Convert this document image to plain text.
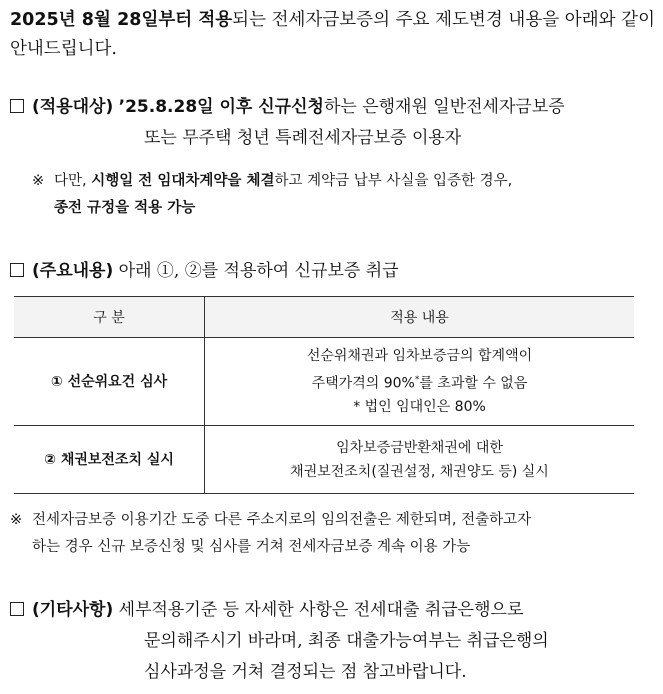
2025년 8월 28일부터 적용되는 전세자금보증의 주요 제도변경 내용을 아래와 같이 안내드립니다.
(적용대상) ’25.8.28일 이후 신규신청하는 은행재원 일반전세자금보증
또는 무주택 청년 특례전세자금보증 이용자
※ 다만, 시행일 전 임대차계약을 체결하고 계약금 납부 사실을 입증한 경우,
종전 규정을 적용 가능
(주요내용) 아래 ①, ②를 적용하여 신규보증 취급
구 분	적용 내용
① 선순위요건 심사	선순위채권과 임차보증금의 합계액이
주택가격의 90%*를 초과할 수 없음
* 법인 임대인은 80%

② 채권보전조치 실시	임차보증금반환채권에 대한
채권보전조치(질권설정, 채권양도 등) 실시
※ 전세자금보증 이용기간 도중 다른 주소지로의 임의전출은 제한되며, 전출하고자
하는 경우 신규 보증신청 및 심사를 거쳐 전세자금보증 계속 이용 가능
(기타사항) 세부적용기준 등 자세한 사항은 전세대출 취급은행으로
문의해주시기 바라며, 최종 대출가능여부는 취급은행의
심사과정을 거쳐 결정되는 점 참고바랍니다.
